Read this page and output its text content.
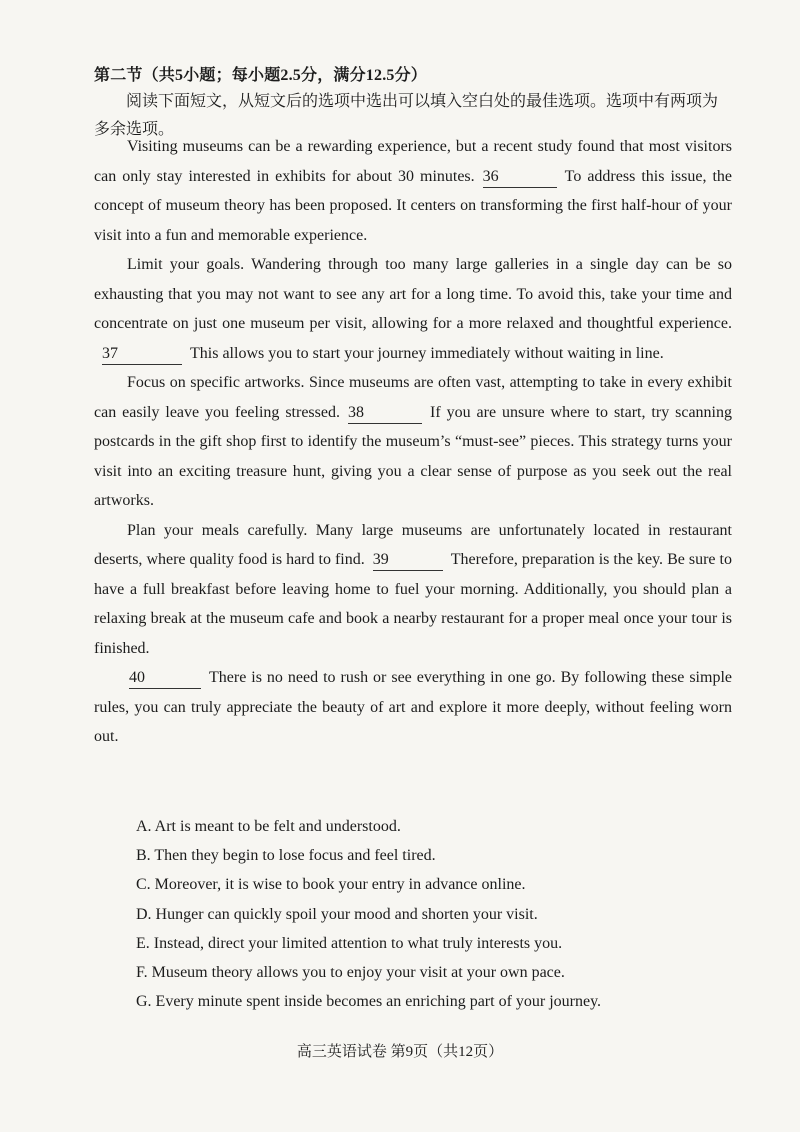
第二节（共5小题；每小题2.5分，满分12.5分）
阅读下面短文，从短文后的选项中选出可以填入空白处的最佳选项。选项中有两项为
多余选项。

Visiting museums can be a rewarding experience, but a recent study found that most visitors can only stay interested in exhibits for about 30 minutes. 36	To address this issue, the concept of museum theory has been proposed. It centers on transforming the first half-hour of your visit into a fun and memorable experience.

Limit your goals. Wandering through too many large galleries in a single day can be so exhausting that you may not want to see any art for a long time. To avoid this, take your time and concentrate on just one museum per visit, allowing for a more relaxed and thoughtful experience.37	This allows you to start your journey immediately without waiting in line.

Focus on specific artworks. Since museums are often vast, attempting to take in every exhibit can easily leave you feeling stressed. 38	If you are unsure where to start, try scanning postcards in the gift shop first to identify the museum’s “must-see” pieces. This strategy turns your visit into an exciting treasure hunt, giving you a clear sense of purpose as you seek out the real artworks.

Plan your meals carefully. Many large museums are unfortunately located in restaurant deserts, where quality food is hard to find. 39	Therefore, preparation is the key. Be sure to have a full breakfast before leaving home to fuel your morning. Additionally, you should plan a relaxing break at the museum cafe and book a nearby restaurant for a proper meal once your tour is finished.

40	There is no need to rush or see everything in one go. By following these simple rules, you can truly appreciate the beauty of art and explore it more deeply, without feeling worn out.

A. Art is meant to be felt and understood.
B. Then they begin to lose focus and feel tired.
C. Moreover, it is wise to book your entry in advance online.
D. Hunger can quickly spoil your mood and shorten your visit.
E. Instead, direct your limited attention to what truly interests you.
F. Museum theory allows you to enjoy your visit at your own pace.
G. Every minute spent inside becomes an enriching part of your journey.
高三英语试卷 第9页（共12页）
